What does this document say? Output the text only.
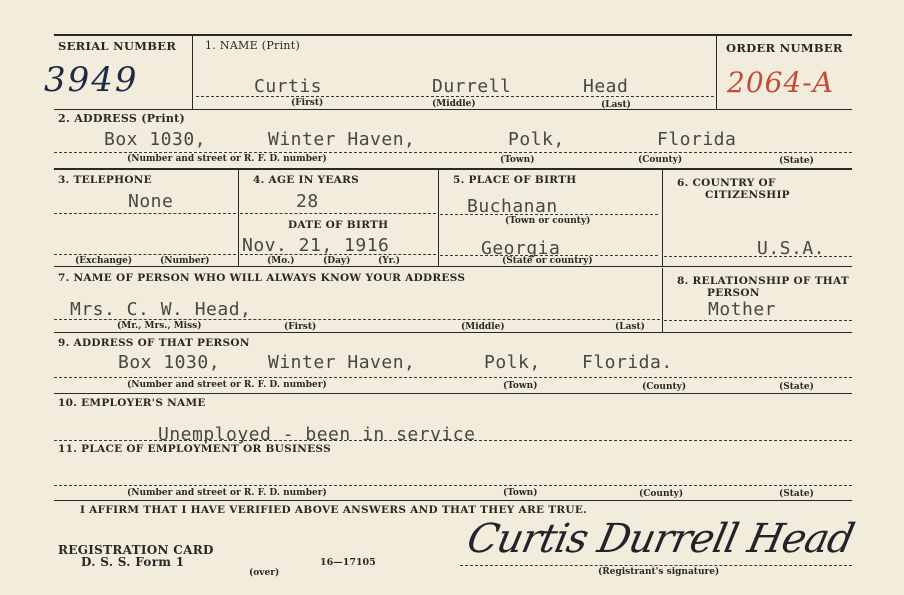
SERIAL NUMBER
3949
1. NAME (Print)
Curtis	Durrell	Head
(First)	(Middle)	(Last)
ORDER NUMBER
2064-A
2. ADDRESS (Print)
Box 1030,	Winter Haven,	Polk,	Florida
(Number and street or R. F. D. number)	(Town)	(County)	(State)
3. TELEPHONE
None
(Exchange)	(Number)
4. AGE IN YEARS
28
DATE OF BIRTH
Nov. 21, 1916
(Mo.)	(Day)	(Yr.)
5. PLACE OF BIRTH
Buchanan
(Town or county)
Georgia
(State or country)
6. COUNTRY OF
CITIZENSHIP
U.S.A.
7. NAME OF PERSON WHO WILL ALWAYS KNOW YOUR ADDRESS
Mrs. C. W. Head,
(Mr., Mrs., Miss)	(First)	(Middle)	(Last)
8. RELATIONSHIP OF THAT
PERSON
Mother
9. ADDRESS OF THAT PERSON
Box 1030,	Winter Haven,	Polk, Florida.
(Number and street or R. F. D. number)	(Town)	(County)	(State)
10. EMPLOYER'S NAME
Unemployed - been in service
11. PLACE OF EMPLOYMENT OR BUSINESS
(Number and street or R. F. D. number)	(Town)	(County)	(State)
I AFFIRM THAT I HAVE VERIFIED ABOVE ANSWERS AND THAT THEY ARE TRUE.
REGISTRATION CARD
D. S. S. Form 1
(over)
16—17105
Curtis Durrell Head
(Registrant's signature)
